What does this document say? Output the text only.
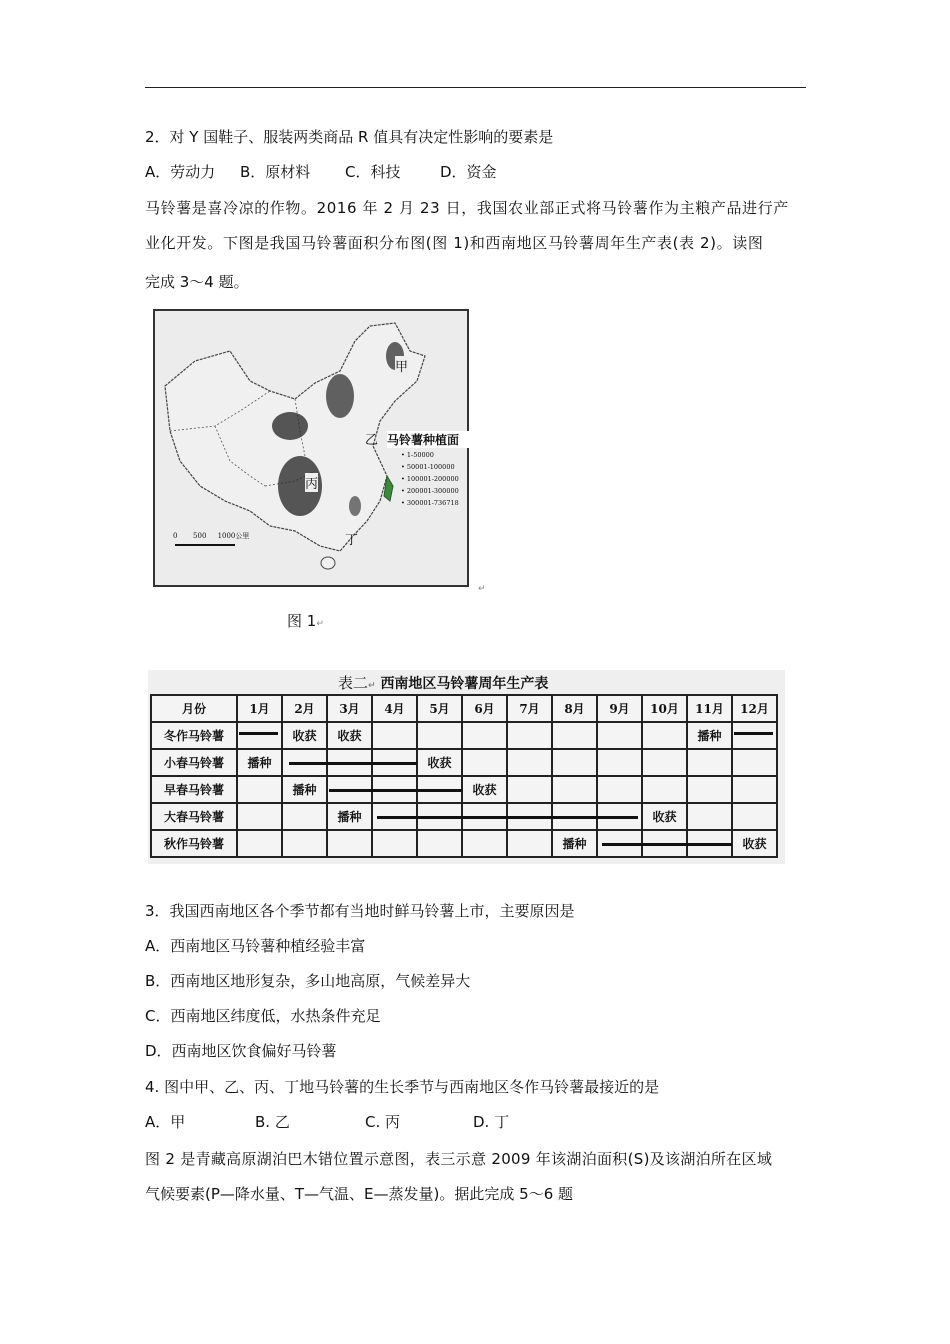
2．对 Y 国鞋子、服装两类商品 R 值具有决定性影响的要素是
A．劳动力 B．原材料 C．科技	D．资金
马铃薯是喜冷凉的作物。2016 年 2 月 23 日，我国农业部正式将马铃薯作为主粮产品进行产
业化开发。下图是我国马铃薯面积分布图(图 1)和西南地区马铃薯周年生产表(表 2)。读图
完成 3～4 题。
甲
乙
丙
丁
马铃薯种植面
• 1-50000
• 50001-100000
• 100001-200000
• 200001-300000
• 300001-736718
0 500 1000公里
↵
图 1↵
表二↵ 西南地区马铃薯周年生产表
月份	1月	2月	3月	4月	5月	6月	7月	8月	9月	10月	11月	12月
冬作马铃薯		收获	收获								播种	
小春马铃薯	播种				收获							
早春马铃薯		播种				收获						
大春马铃薯			播种							收获		
秋作马铃薯								播种				收获
3．我国西南地区各个季节都有当地时鲜马铃薯上市，主要原因是
A．西南地区马铃薯种植经验丰富
B．西南地区地形复杂，多山地高原，气候差异大
C．西南地区纬度低，水热条件充足
D．西南地区饮食偏好马铃薯
4. 图中甲、乙、丙、丁地马铃薯的生长季节与西南地区冬作马铃薯最接近的是
A．甲	B. 乙	C. 丙	D. 丁
图 2 是青藏高原湖泊巴木错位置示意图，表三示意 2009 年该湖泊面积(S)及该湖泊所在区域
气候要素(P—降水量、T—气温、E—蒸发量)。据此完成 5～6 题
